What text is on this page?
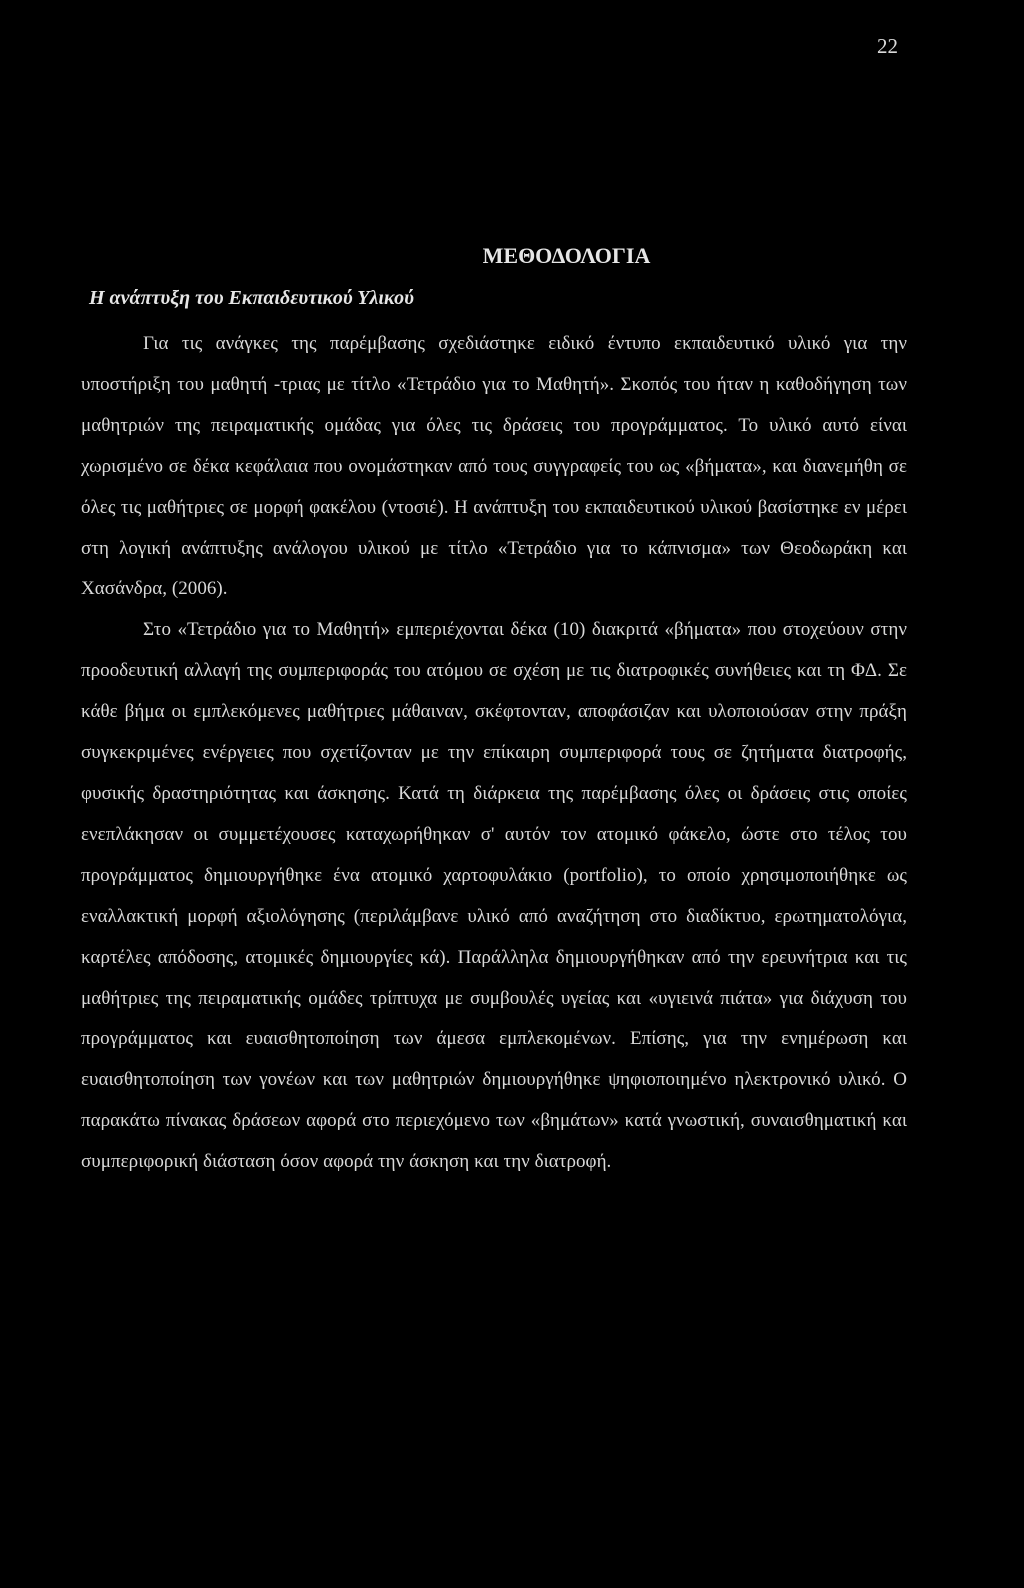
22
ΜΕΘΟΔΟΛΟΓΙΑ
Η ανάπτυξη του Εκπαιδευτικού Υλικού

Για τις ανάγκες της παρέμβασης σχεδιάστηκε ειδικό έντυπο εκπαιδευτικό υλικό για την υποστήριξη του μαθητή -τριας με τίτλο «Τετράδιο για το Μαθητή». Σκοπός του ήταν η καθοδήγηση των μαθητριών της πειραματικής ομάδας για όλες τις δράσεις του προγράμματος. Το υλικό αυτό είναι χωρισμένο σε δέκα κεφάλαια που ονομάστηκαν από τους συγγραφείς του ως «βήματα», και διανεμήθη σε όλες τις μαθήτριες σε μορφή φακέλου (ντοσιέ). Η ανάπτυξη του εκπαιδευτικού υλικού βασίστηκε εν μέρει στη λογική ανάπτυξης ανάλογου υλικού με τίτλο «Τετράδιο για το κάπνισμα» των Θεοδωράκη και Χασάνδρα, (2006).

Στο «Τετράδιο για το Μαθητή» εμπεριέχονται δέκα (10) διακριτά «βήματα» που στοχεύουν στην προοδευτική αλλαγή της συμπεριφοράς του ατόμου σε σχέση με τις διατροφικές συνήθειες και τη ΦΔ. Σε κάθε βήμα οι εμπλεκόμενες μαθήτριες μάθαιναν, σκέφτονταν, αποφάσιζαν και υλοποιούσαν στην πράξη συγκεκριμένες ενέργειες που σχετίζονταν με την επίκαιρη συμπεριφορά τους σε ζητήματα διατροφής, φυσικής δραστηριότητας και άσκησης. Κατά τη διάρκεια της παρέμβασης όλες οι δράσεις στις οποίες ενεπλάκησαν οι συμμετέχουσες καταχωρήθηκαν σ' αυτόν τον ατομικό φάκελο, ώστε στο τέλος του προγράμματος δημιουργήθηκε ένα ατομικό χαρτοφυλάκιο (portfolio), το οποίο χρησιμοποιήθηκε ως εναλλακτική μορφή αξιολόγησης (περιλάμβανε υλικό από αναζήτηση στο διαδίκτυο, ερωτηματολόγια, καρτέλες απόδοσης, ατομικές δημιουργίες κά). Παράλληλα δημιουργήθηκαν από την ερευνήτρια και τις μαθήτριες της πειραματικής ομάδες τρίπτυχα με συμβουλές υγείας και «υγιεινά πιάτα» για διάχυση του προγράμματος και ευαισθητοποίηση των άμεσα εμπλεκομένων. Επίσης, για την ενημέρωση και ευαισθητοποίηση των γονέων και των μαθητριών δημιουργήθηκε ψηφιοποιημένο ηλεκτρονικό υλικό. Ο παρακάτω πίνακας δράσεων αφορά στο περιεχόμενο των «βημάτων» κατά γνωστική, συναισθηματική και συμπεριφορική διάσταση όσον αφορά την άσκηση και την διατροφή.
